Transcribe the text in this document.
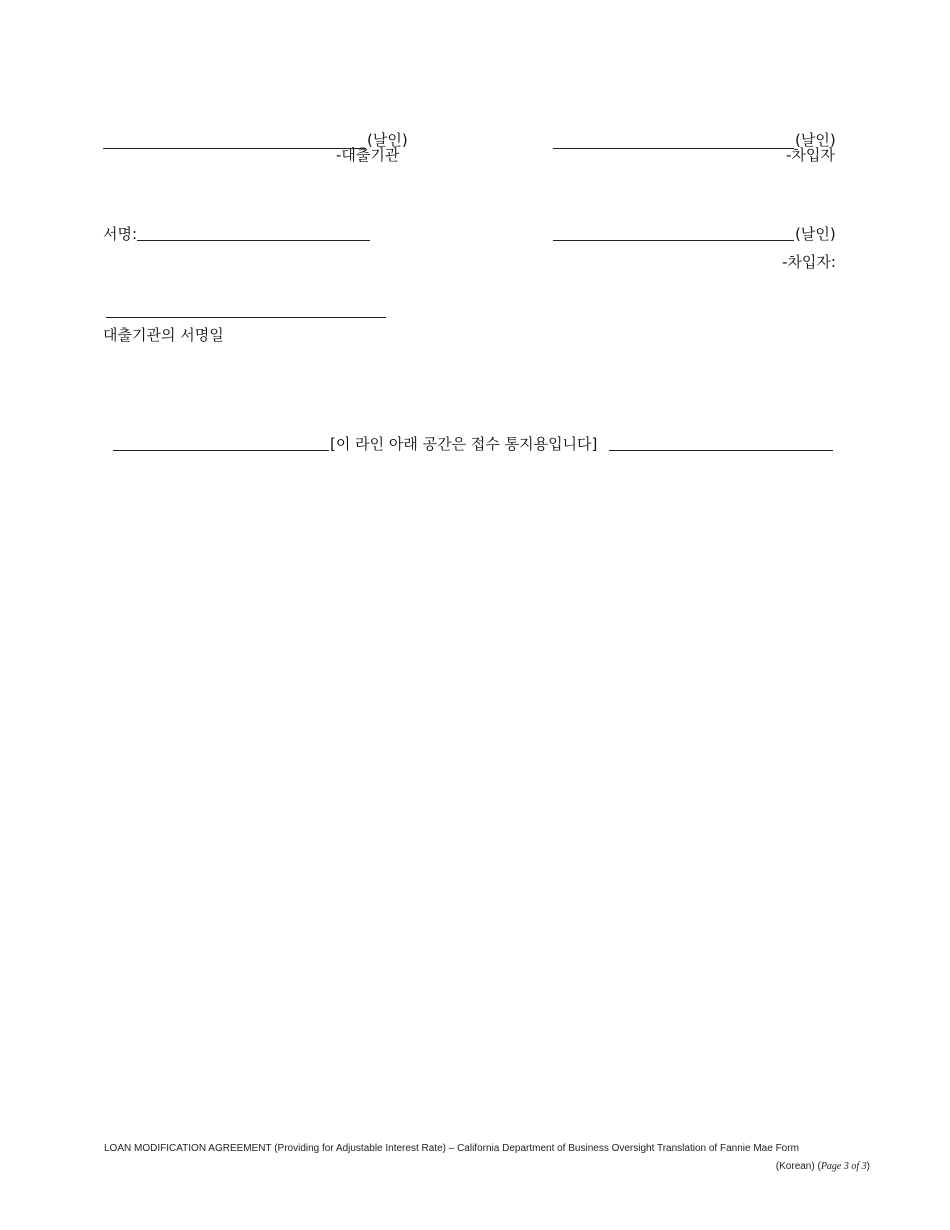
(날인)
-대출기관
(날인)
-차입자
서명:	(날인)
-차입자:
대출기관의 서명일
[이 라인 아래 공간은 접수 통지용입니다]
LOAN MODIFICATION AGREEMENT (Providing for Adjustable Interest Rate) – California Department of Business Oversight Translation of Fannie Mae Form
(Korean) (Page 3 of 3)
